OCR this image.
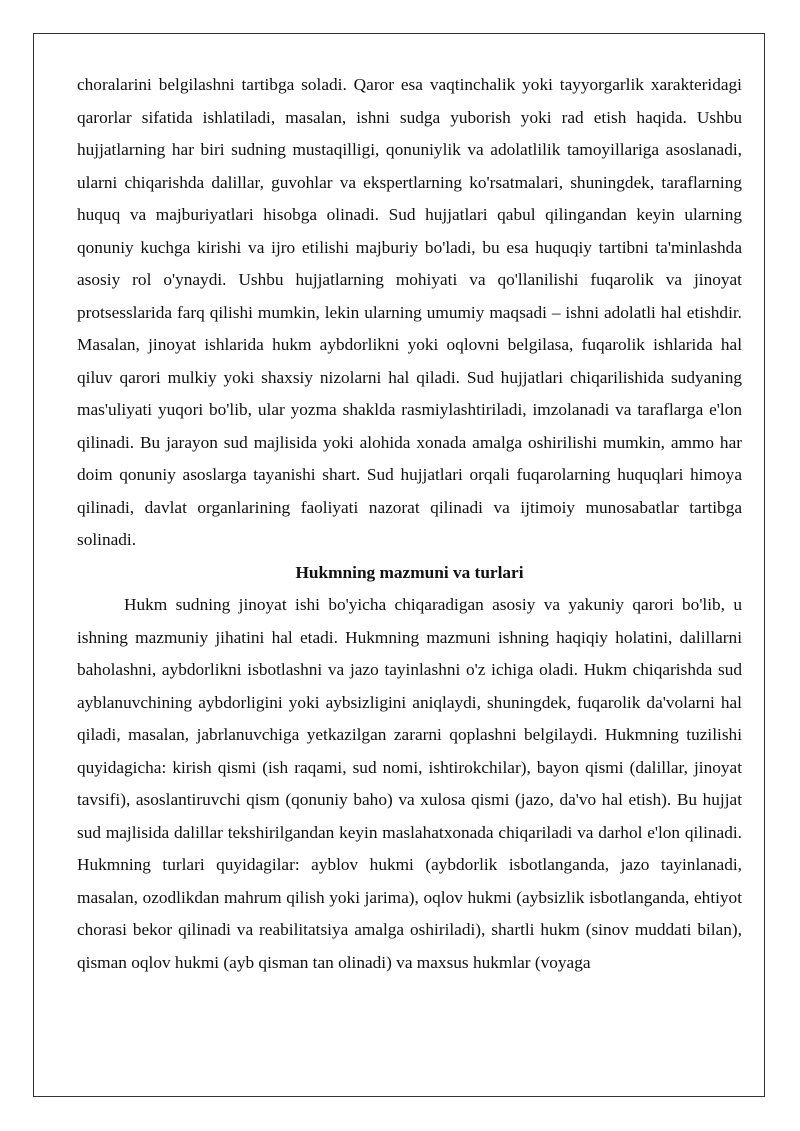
choralarini belgilashni tartibga soladi. Qaror esa vaqtinchalik yoki tayyorgarlik xarakteridagi qarorlar sifatida ishlatiladi, masalan, ishni sudga yuborish yoki rad etish haqida. Ushbu hujjatlarning har biri sudning mustaqilligi, qonuniylik va adolatlilik tamoyillariga asoslanadi, ularni chiqarishda dalillar, guvohlar va ekspertlarning ko'rsatmalari, shuningdek, taraflarning huquq va majburiyatlari hisobga olinadi. Sud hujjatlari qabul qilingandan keyin ularning qonuniy kuchga kirishi va ijro etilishi majburiy bo'ladi, bu esa huquqiy tartibni ta'minlashda asosiy rol o'ynaydi. Ushbu hujjatlarning mohiyati va qo'llanilishi fuqarolik va jinoyat protsesslarida farq qilishi mumkin, lekin ularning umumiy maqsadi – ishni adolatli hal etishdir. Masalan, jinoyat ishlarida hukm aybdorlikni yoki oqlovni belgilasa, fuqarolik ishlarida hal qiluv qarori mulkiy yoki shaxsiy nizolarni hal qiladi. Sud hujjatlari chiqarilishida sudyaning mas'uliyati yuqori bo'lib, ular yozma shaklda rasmiylashtiriladi, imzolanadi va taraflarga e'lon qilinadi. Bu jarayon sud majlisida yoki alohida xonada amalga oshirilishi mumkin, ammo har doim qonuniy asoslarga tayanishi shart. Sud hujjatlari orqali fuqarolarning huquqlari himoya qilinadi, davlat organlarining faoliyati nazorat qilinadi va ijtimoiy munosabatlar tartibga solinadi.

Hukmning mazmuni va turlari

Hukm sudning jinoyat ishi bo'yicha chiqaradigan asosiy va yakuniy qarori bo'lib, u ishning mazmuniy jihatini hal etadi. Hukmning mazmuni ishning haqiqiy holatini, dalillarni baholashni, aybdorlikni isbotlashni va jazo tayinlashni o'z ichiga oladi. Hukm chiqarishda sud ayblanuvchining aybdorligini yoki aybsizligini aniqlaydi, shuningdek, fuqarolik da'volarni hal qiladi, masalan, jabrlanuvchiga yetkazilgan zararni qoplashni belgilaydi. Hukmning tuzilishi quyidagicha: kirish qismi (ish raqami, sud nomi, ishtirokchilar), bayon qismi (dalillar, jinoyat tavsifi), asoslantiruvchi qism (qonuniy baho) va xulosa qismi (jazo, da'vo hal etish). Bu hujjat sud majlisida dalillar tekshirilgandan keyin maslahatxonada chiqariladi va darhol e'lon qilinadi. Hukmning turlari quyidagilar: ayblov hukmi (aybdorlik isbotlanganda, jazo tayinlanadi, masalan, ozodlikdan mahrum qilish yoki jarima), oqlov hukmi (aybsizlik isbotlanganda, ehtiyot chorasi bekor qilinadi va reabilitatsiya amalga oshiriladi), shartli hukm (sinov muddati bilan), qisman oqlov hukmi (ayb qisman tan olinadi) va maxsus hukmlar (voyaga
